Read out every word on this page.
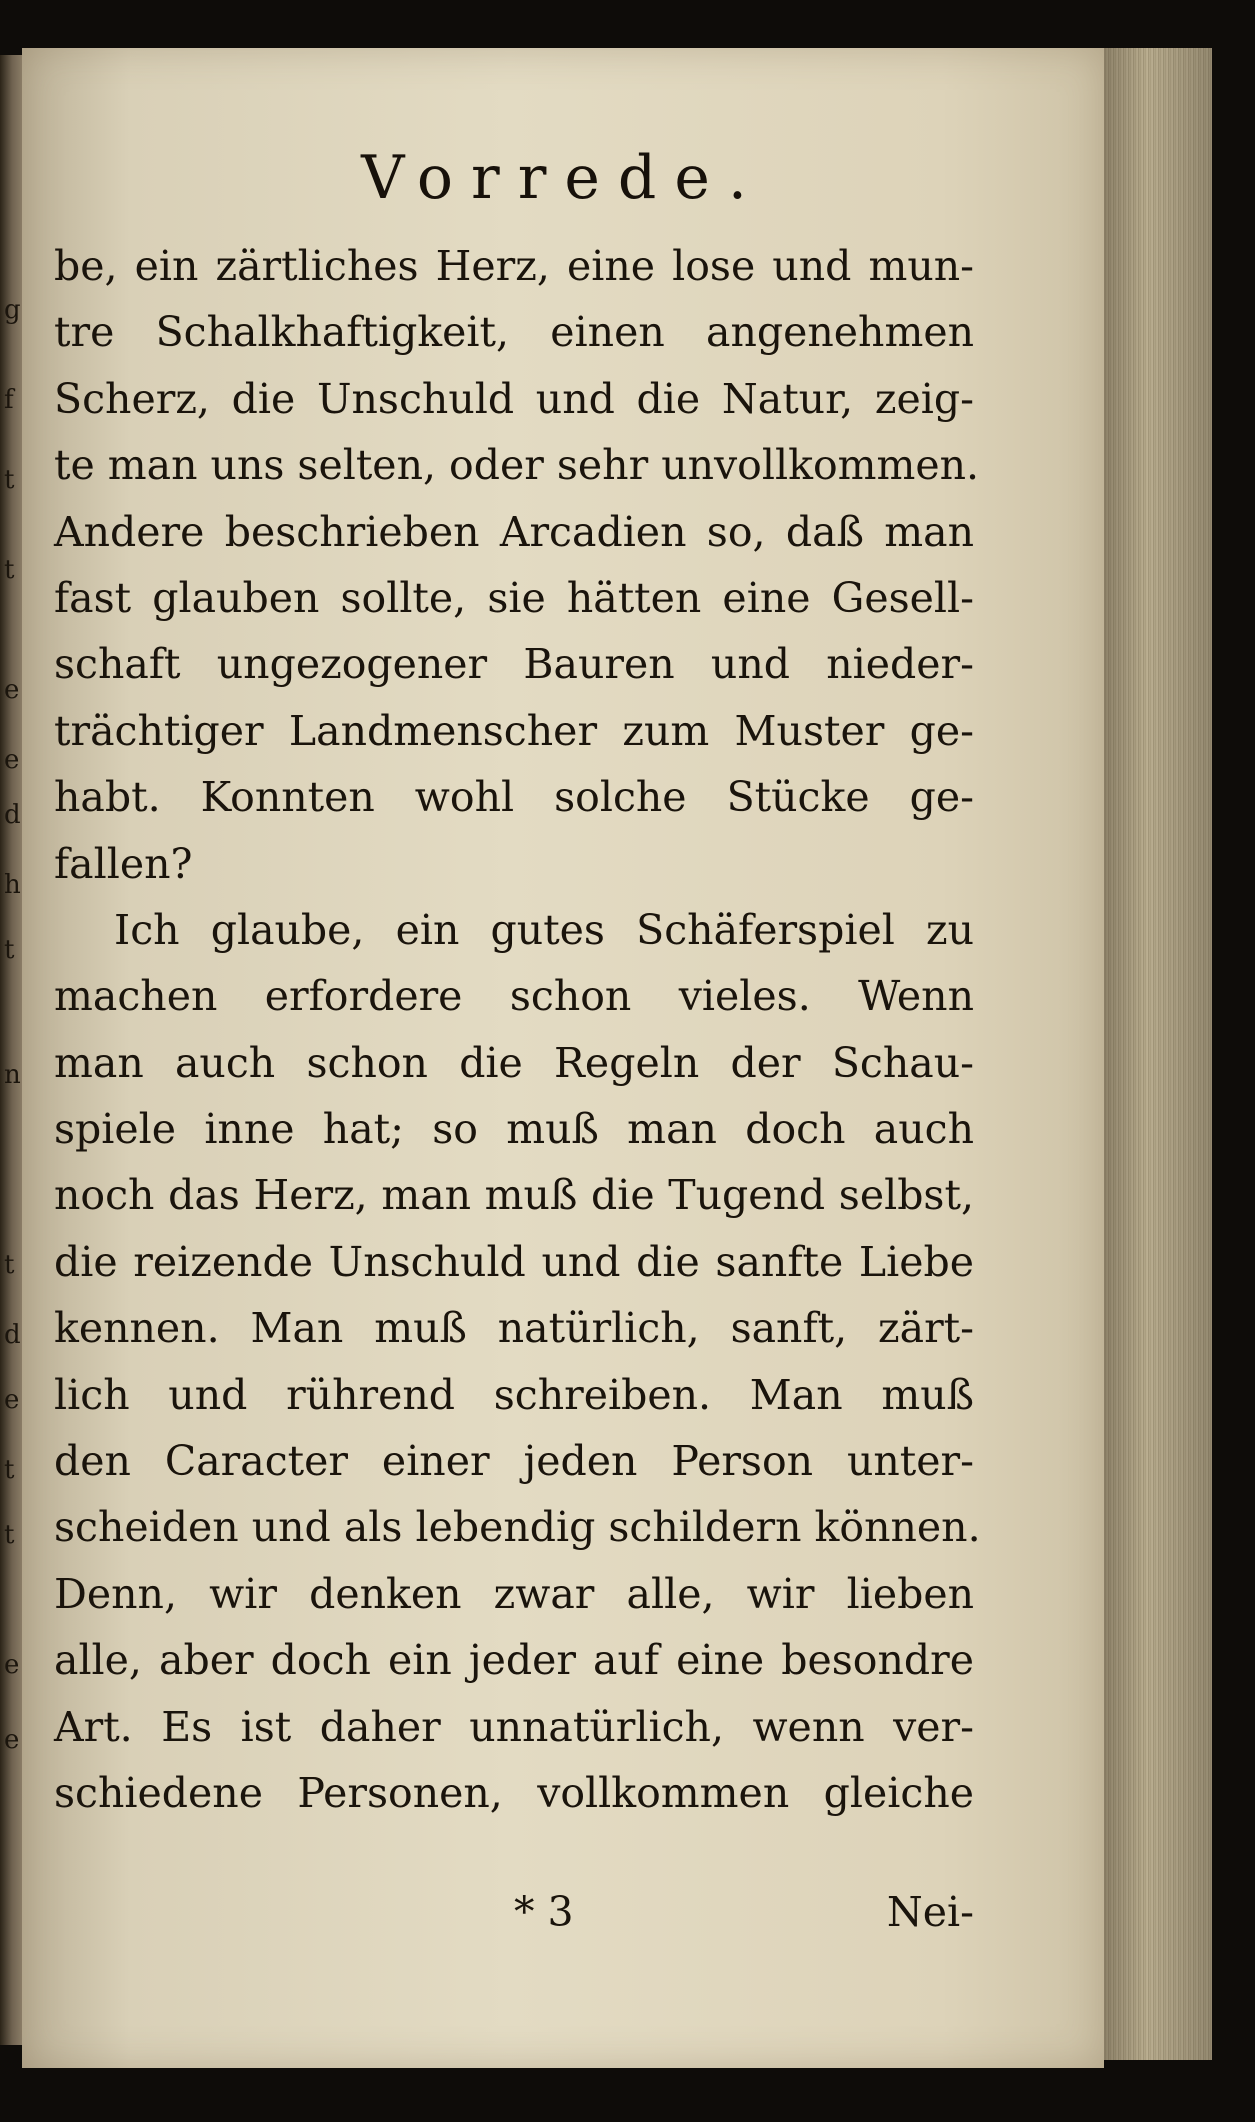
g
f
t
t
e
e
d
h
t
n
t
d
e
t
t
e
e
Vorrede.
be, ein zärtliches Herz, eine lose und mun-
tre Schalkhaftigkeit, einen angenehmen
Scherz, die Unschuld und die Natur, zeig-
te man uns selten, oder sehr unvollkommen.
Andere beschrieben Arcadien so, daß man
fast glauben sollte, sie hätten eine Gesell-
schaft ungezogener Bauren und nieder-
trächtiger Landmenscher zum Muster ge-
habt. Konnten wohl solche Stücke ge-
fallen?
Ich glaube, ein gutes Schäferspiel zu
machen erfordere schon vieles. Wenn
man auch schon die Regeln der Schau-
spiele inne hat; so muß man doch auch
noch das Herz, man muß die Tugend selbst,
die reizende Unschuld und die sanfte Liebe
kennen. Man muß natürlich, sanft, zärt-
lich und rührend schreiben. Man muß
den Caracter einer jeden Person unter-
scheiden und als lebendig schildern können.
Denn, wir denken zwar alle, wir lieben
alle, aber doch ein jeder auf eine besondre
Art. Es ist daher unnatürlich, wenn ver-
schiedene Personen, vollkommen gleiche
* 3	Nei-
